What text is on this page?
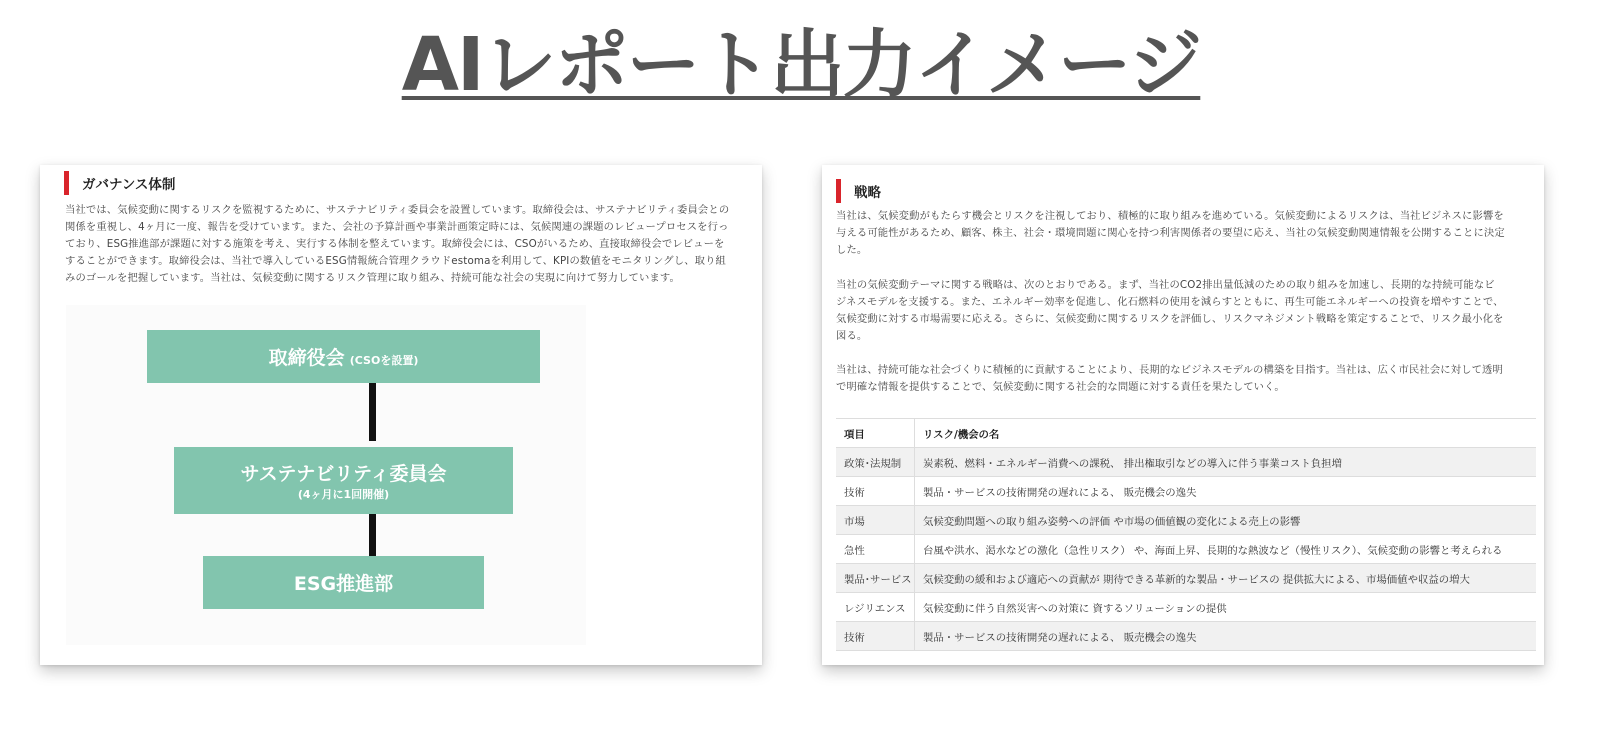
AIレポート出力イメージ
ガバナンス体制
当社では、気候変動に関するリスクを監視するために、サステナビリティ委員会を設置しています。取締役会は、サステナビリティ委員会との
関係を重視し、4ヶ月に一度、報告を受けています。また、会社の予算計画や事業計画策定時には、気候関連の課題のレビュープロセスを行っ
ており、ESG推進部が課題に対する施策を考え、実行する体制を整えています。取締役会には、CSOがいるため、直接取締役会でレビューを
することができます。取締役会は、当社で導入しているESG情報統合管理クラウドestomaを利用して、KPIの数値をモニタリングし、取り組
みのゴールを把握しています。当社は、気候変動に関するリスク管理に取り組み、持続可能な社会の実現に向けて努力しています。
取締役会 (CSOを設置)
サステナビリティ委員会
(4ヶ月に1回開催)
ESG推進部
戦略
当社は、気候変動がもたらす機会とリスクを注視しており、積極的に取り組みを進めている。気候変動によるリスクは、当社ビジネスに影響を
与える可能性があるため、顧客、株主、社会・環境問題に関心を持つ利害関係者の要望に応え、当社の気候変動関連情報を公開することに決定
した。
当社の気候変動テーマに関する戦略は、次のとおりである。まず、当社のCO2排出量低減のための取り組みを加速し、長期的な持続可能なビ
ジネスモデルを支援する。また、エネルギー効率を促進し、化石燃料の使用を減らすとともに、再生可能エネルギーへの投資を増やすことで、
気候変動に対する市場需要に応える。さらに、気候変動に関するリスクを評価し、リスクマネジメント戦略を策定することで、リスク最小化を
図る。
当社は、持続可能な社会づくりに積極的に貢献することにより、長期的なビジネスモデルの構築を目指す。当社は、広く市民社会に対して透明
で明確な情報を提供することで、気候変動に関する社会的な問題に対する責任を果たしていく。
項目	リスク/機会の名
政策･法規制	炭素税、燃料・エネルギー消費への課税、 排出権取引などの導入に伴う事業コスト負担増
技術	製品・サービスの技術開発の遅れによる、 販売機会の逸失
市場	気候変動問題への取り組み姿勢への評価 や市場の価値観の変化による売上の影響
急性	台風や洪水、渇水などの激化（急性リスク） や、海面上昇、長期的な熱波など（慢性リスク）、気候変動の影響と考えられる
製品･サービス	気候変動の緩和および適応への貢献が 期待できる革新的な製品・サービスの 提供拡大による、市場価値や収益の増大
レジリエンス	気候変動に伴う自然災害への対策に 資するソリューションの提供
技術	製品・サービスの技術開発の遅れによる、 販売機会の逸失
